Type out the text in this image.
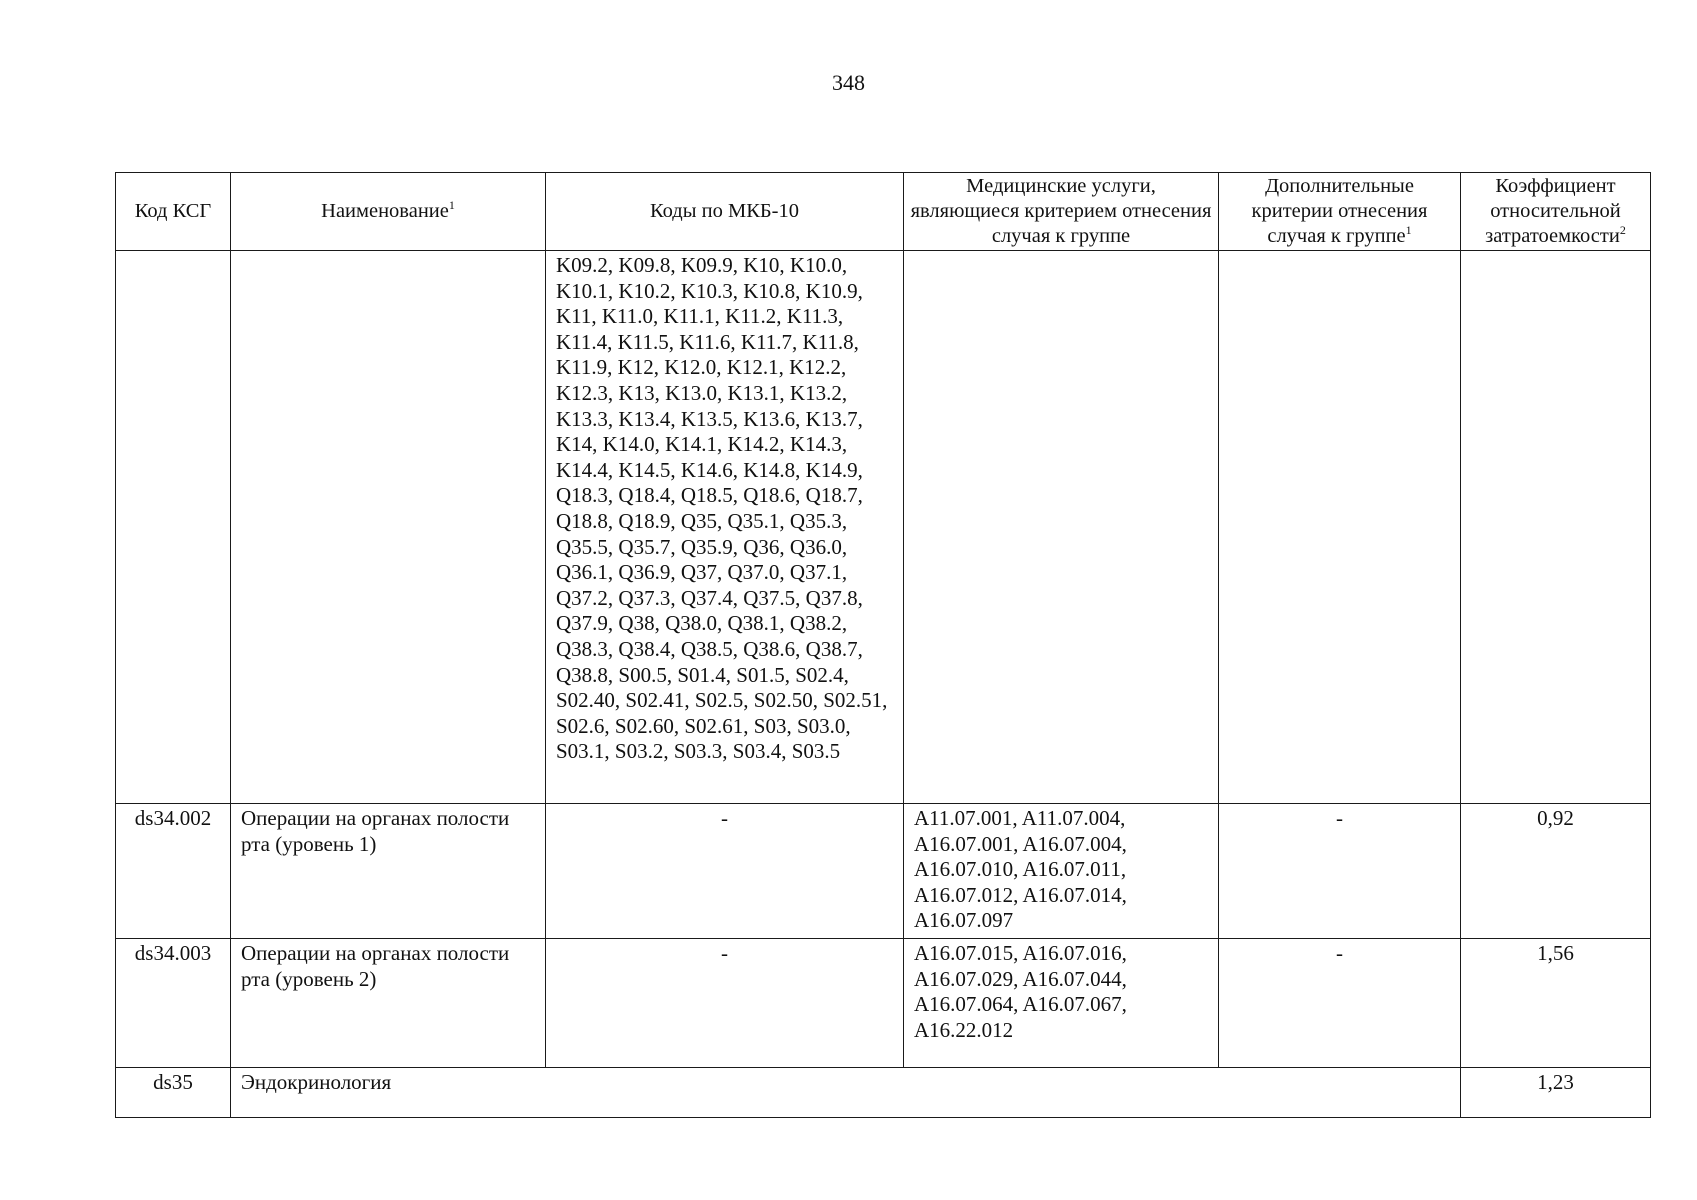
348
Код КСГ	Наименование$^1$	Коды по МКБ-10	Медицинские услуги, являющиеся критерием отнесения случая к группе	Дополнительные критерии отнесения случая к группе$^1$	Коэффициент относительной затратоемкости$^2$
		K09.2, K09.8, K09.9, K10, K10.0, K10.1, K10.2, K10.3, K10.8, K10.9, K11, K11.0, K11.1, K11.2, K11.3, K11.4, K11.5, K11.6, K11.7, K11.8, K11.9, K12, K12.0, K12.1, K12.2, K12.3, K13, K13.0, K13.1, K13.2, K13.3, K13.4, K13.5, K13.6, K13.7, K14, K14.0, K14.1, K14.2, K14.3, K14.4, K14.5, K14.6, K14.8, K14.9, Q18.3, Q18.4, Q18.5, Q18.6, Q18.7, Q18.8, Q18.9, Q35, Q35.1, Q35.3, Q35.5, Q35.7, Q35.9, Q36, Q36.0, Q36.1, Q36.9, Q37, Q37.0, Q37.1, Q37.2, Q37.3, Q37.4, Q37.5, Q37.8, Q37.9, Q38, Q38.0, Q38.1, Q38.2, Q38.3, Q38.4, Q38.5, Q38.6, Q38.7, Q38.8, S00.5, S01.4, S01.5, S02.4, S02.40, S02.41, S02.5, S02.50, S02.51, S02.6, S02.60, S02.61, S03, S03.0, S03.1, S03.2, S03.3, S03.4, S03.5			
ds34.002	Операции на органах полости рта (уровень 1)	-	A11.07.001, A11.07.004, A16.07.001, A16.07.004, A16.07.010, A16.07.011, A16.07.012, A16.07.014, A16.07.097	-	0,92
ds34.003	Операции на органах полости рта (уровень 2)	-	A16.07.015, A16.07.016, A16.07.029, A16.07.044, A16.07.064, A16.07.067, A16.22.012	-	1,56
ds35	Эндокринология				1,23
